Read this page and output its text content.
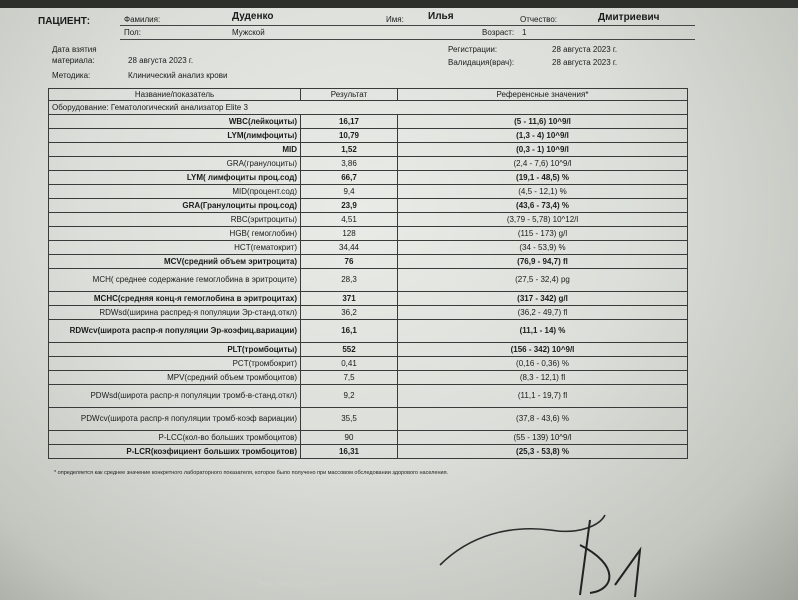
ПАЦИЕНТ:	Фамилия:	Дуденко	Имя: Илья	Отчество:	Дмитриевич
Пол:	Мужской	Возраст: 1
Дата взятия
материала:	28 августа 2023 г.
Регистрации:	28 августа 2023 г.
Валидация(врач):	28 августа 2023 г.
Методика:	Клинический анализ крови
Название/показатель	Результат	Референсные значения*
Оборудование: Гематологический анализатор Elite 3		
WBC(лейкоциты)	16,17	(5 - 11,6) 10^9/l
LYM(лимфоциты)	10,79	(1,3 - 4) 10^9/l
MID	1,52	(0,3 - 1) 10^9/l
GRA(гранулоциты)	3,86	(2,4 - 7,6) 10^9/l
LYM( лимфоциты проц.сод)	66,7	(19,1 - 48,5) %
MID(процент.сод)	9,4	(4,5 - 12,1) %
GRA(Гранулоциты проц.сод)	23,9	(43,6 - 73,4) %
RBC(эритроциты)	4,51	(3,79 - 5,78) 10^12/l
HGB( гемоглобин)	128	(115 - 173) g/l
HCT(гематокрит)	34,44	(34 - 53,9) %
MCV(средний объем эритроцита)	76	(76,9 - 94,7) fl
MCH( среднее содержание гемоглобина в эритроците)	28,3	(27,5 - 32,4) pg
MCHC(средняя конц-я гемоглобина в эритроцитах)	371	(317 - 342) g/l
RDWsd(ширина распред-я популяции Эр-станд.откл)	36,2	(36,2 - 49,7) fl
RDWcv(широта распр-я популяции Эр-коэфиц.вариации)	16,1	(11,1 - 14) %
PLT(тромбоциты)	552	(156 - 342) 10^9/l
PCT(тромбокрит)	0,41	(0,16 - 0,36) %
MPV(средний объем тромбоцитов)	7,5	(8,3 - 12,1) fl
PDWsd(широта распр-я популяции тромб-в-станд.откл)	9,2	(11,1 - 19,7) fl
PDWcv(широта распр-я популяции тромб-коэф вариации)	35,5	(37,8 - 43,6) %
P-LCC(кол-во больших тромбоцитов)	90	(55 - 139) 10^9/l
P-LCR(коэфициент больших тромбоцитов)	16,31	(25,3 - 53,8) %
* определяется как среднее значение конкретного лабораторного показателя, которое было получено при массовом обследовании здорового населения.
Зав. лабораторией
